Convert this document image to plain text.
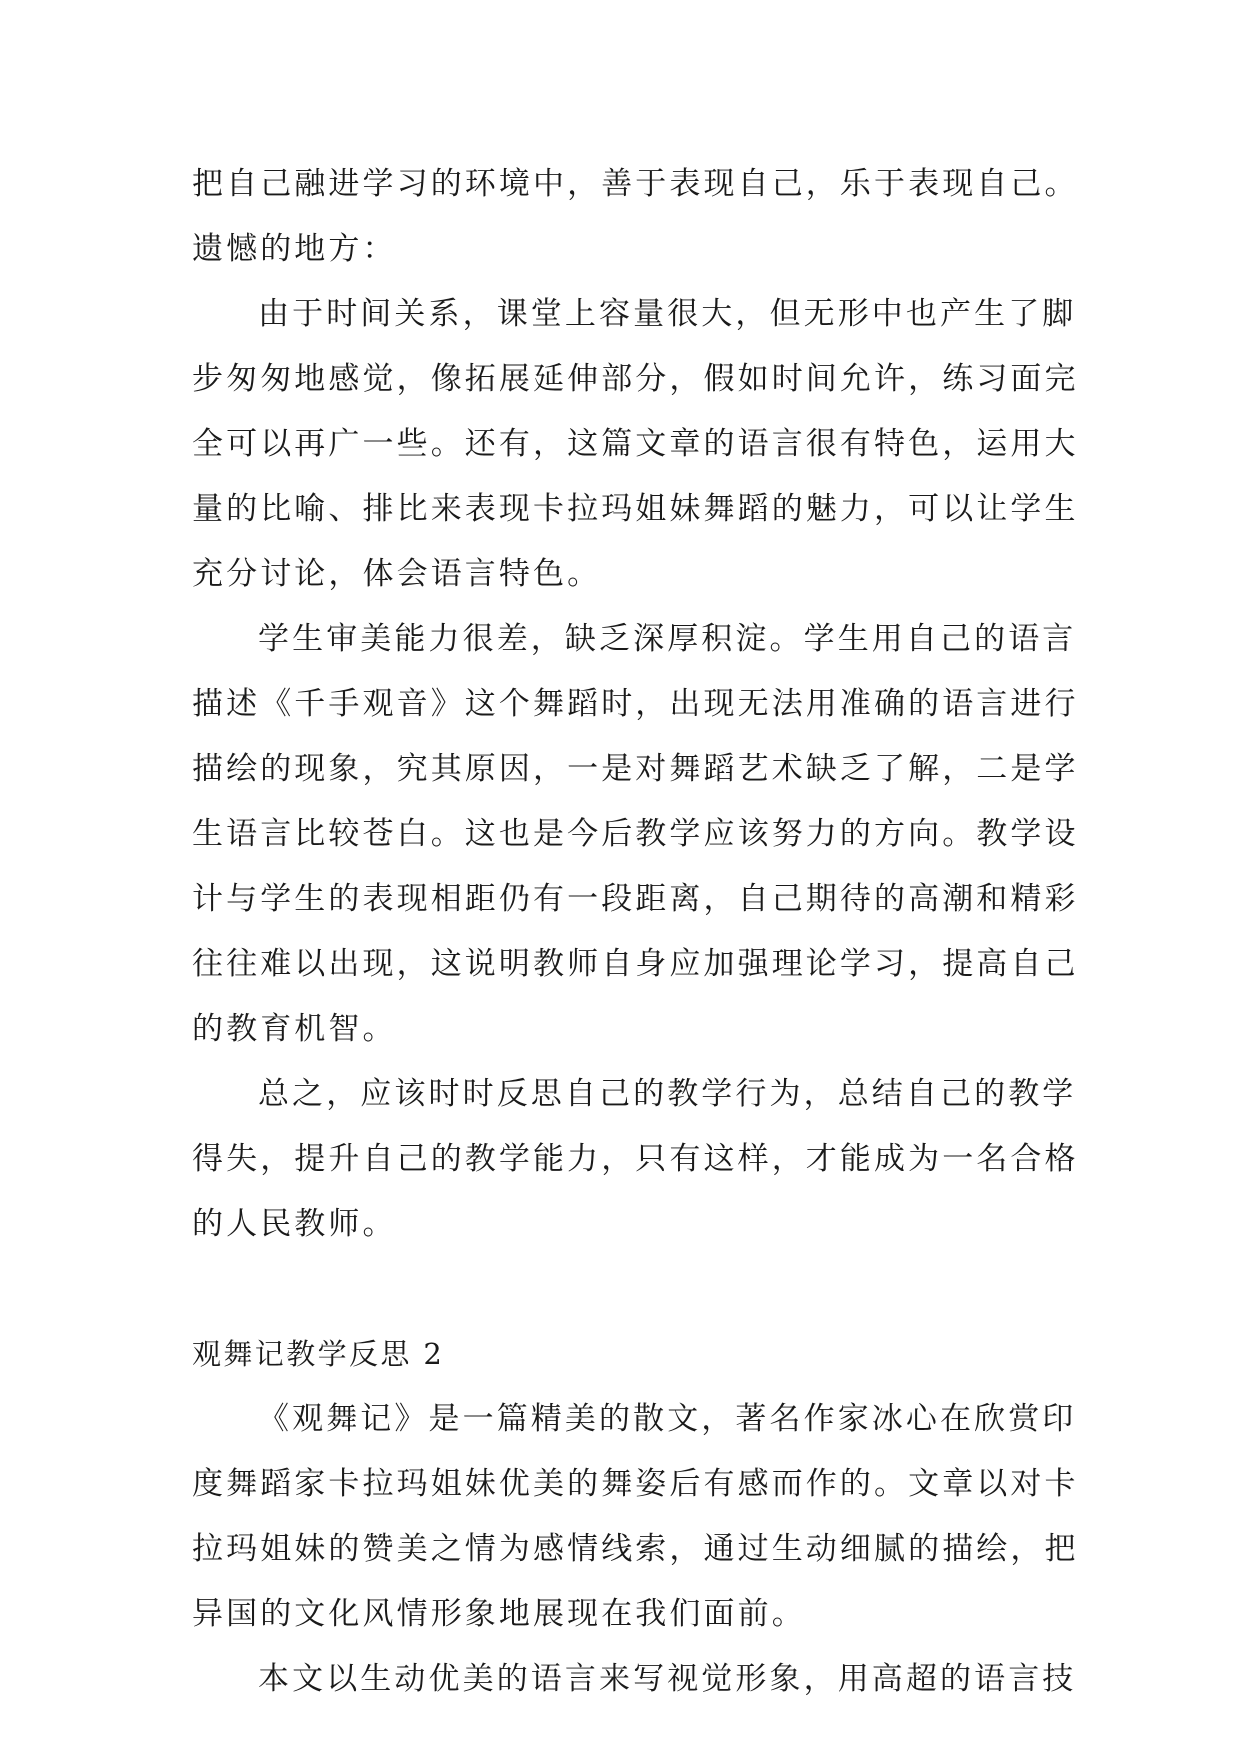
把自己融进学习的环境中，善于表现自己，乐于表现自己。
遗憾的地方：
由于时间关系，课堂上容量很大，但无形中也产生了脚
步匆匆地感觉，像拓展延伸部分，假如时间允许，练习面完
全可以再广一些。还有，这篇文章的语言很有特色，运用大
量的比喻、排比来表现卡拉玛姐妹舞蹈的魅力，可以让学生
充分讨论，体会语言特色。
学生审美能力很差，缺乏深厚积淀。学生用自己的语言
描述《千手观音》这个舞蹈时，出现无法用准确的语言进行
描绘的现象，究其原因，一是对舞蹈艺术缺乏了解，二是学
生语言比较苍白。这也是今后教学应该努力的方向。教学设
计与学生的表现相距仍有一段距离，自己期待的高潮和精彩
往往难以出现，这说明教师自身应加强理论学习，提高自己
的教育机智。
总之，应该时时反思自己的教学行为，总结自己的教学
得失，提升自己的教学能力，只有这样，才能成为一名合格
的人民教师。
观舞记教学反思 2
《观舞记》是一篇精美的散文，著名作家冰心在欣赏印
度舞蹈家卡拉玛姐妹优美的舞姿后有感而作的。文章以对卡
拉玛姐妹的赞美之情为感情线索，通过生动细腻的描绘，把
异国的文化风情形象地展现在我们面前。
本文以生动优美的语言来写视觉形象，用高超的语言技
